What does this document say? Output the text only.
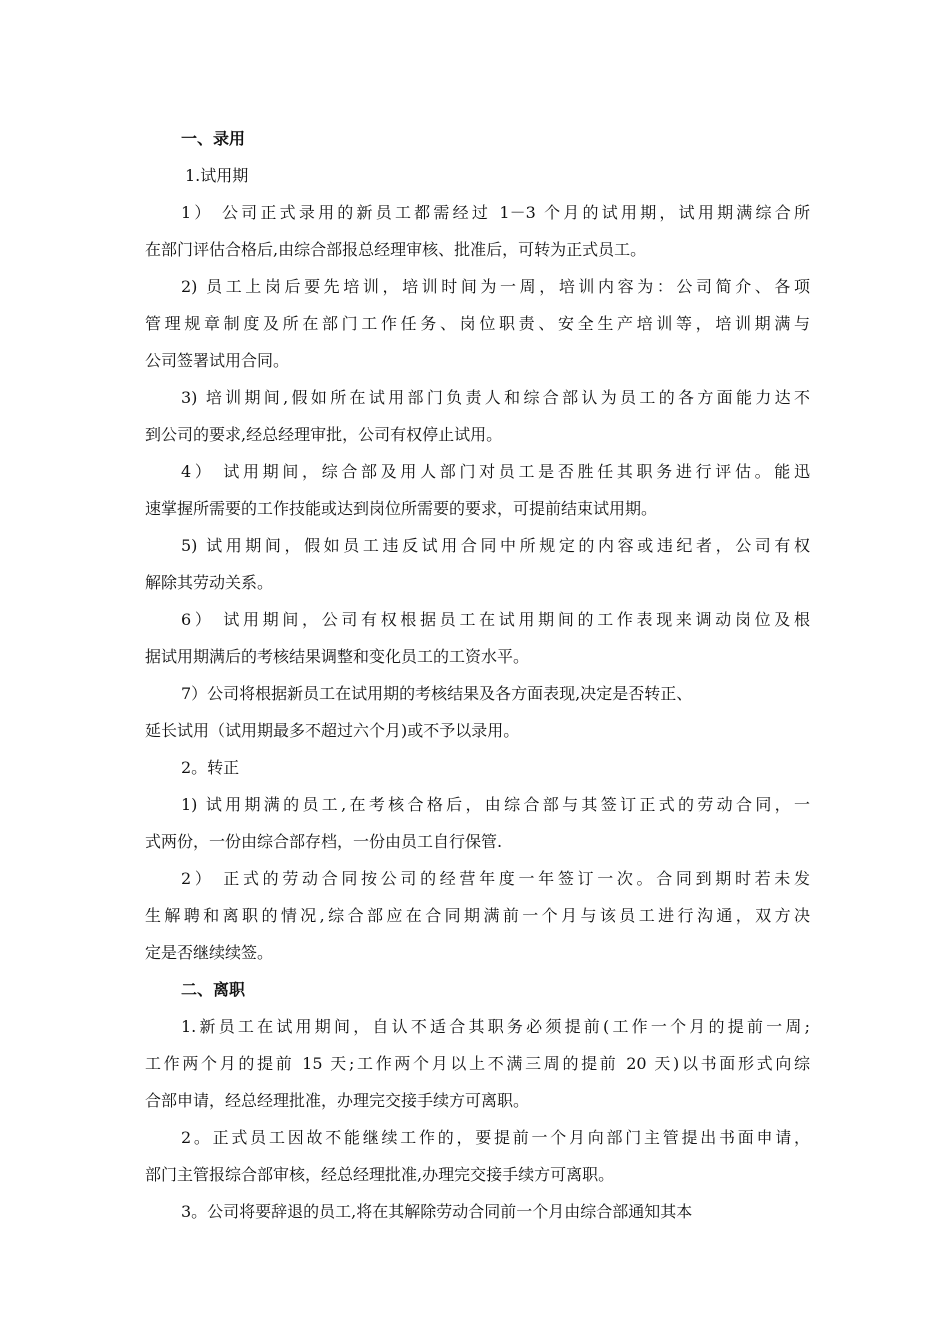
一、录用
1.试用期
1） 公司正式录用的新员工都需经过 1－3 个月的试用期，试用期满综合所
在部门评估合格后,由综合部报总经理审核、批准后，可转为正式员工。
2) 员工上岗后要先培训，培训时间为一周，培训内容为：公司简介、各项
管理规章制度及所在部门工作任务、岗位职责、安全生产培训等，培训期满与
公司签署试用合同。
3) 培训期间,假如所在试用部门负责人和综合部认为员工的各方面能力达不
到公司的要求,经总经理审批，公司有权停止试用。
4） 试用期间，综合部及用人部门对员工是否胜任其职务进行评估。能迅
速掌握所需要的工作技能或达到岗位所需要的要求，可提前结束试用期。
5) 试用期间，假如员工违反试用合同中所规定的内容或违纪者，公司有权
解除其劳动关系。
6） 试用期间，公司有权根据员工在试用期间的工作表现来调动岗位及根
据试用期满后的考核结果调整和变化员工的工资水平。
7）公司将根据新员工在试用期的考核结果及各方面表现,决定是否转正、
延长试用（试用期最多不超过六个月)或不予以录用。
2。转正
1) 试用期满的员工,在考核合格后，由综合部与其签订正式的劳动合同，一
式两份，一份由综合部存档，一份由员工自行保管.
2） 正式的劳动合同按公司的经营年度一年签订一次。合同到期时若未发
生解聘和离职的情况,综合部应在合同期满前一个月与该员工进行沟通，双方决
定是否继续续签。
二、离职
1.新员工在试用期间，自认不适合其职务必须提前(工作一个月的提前一周;
工作两个月的提前 15 天;工作两个月以上不满三周的提前 20 天)以书面形式向综
合部申请，经总经理批准，办理完交接手续方可离职。
2。正式员工因故不能继续工作的，要提前一个月向部门主管提出书面申请，
部门主管报综合部审核，经总经理批准,办理完交接手续方可离职。
3。公司将要辞退的员工,将在其解除劳动合同前一个月由综合部通知其本
